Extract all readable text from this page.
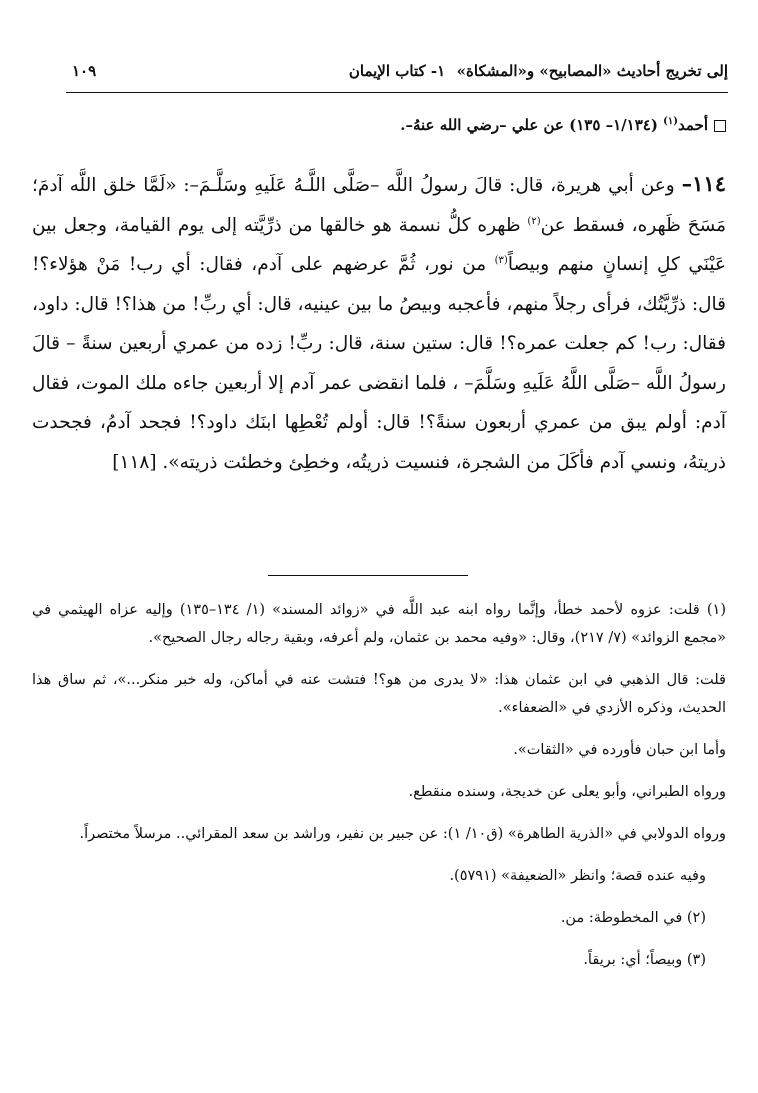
إلى تخريج أحاديث «المصابيح» و«المشكاة»
١- كتاب الإيمان
١٠٩
أحمد$^{(١)}$ (١/١٣٤– ١٣٥) عن علي –رضي الله عنهُ–.
١١٤– وعن أبي هريرة، قال: قالَ رسولُ اللَّه –صَلَّى اللَّـهُ عَلَيهِ وسَلَّـمَ–: «لَمَّا خلق اللَّه آدمَ؛ مَسَحَ ظَهره، فسقط عن$^{(٢)}$ ظهره كلُّ نسمة هو خالقها من ذرِّيَّته إلى يوم القيامة، وجعل بين عَيْنَي كلِ إنسانٍ منهم وبيصاً$^{(٣)}$ من نور، ثُمَّ عرضهم على آدم، فقال: أي رب! مَنْ هؤلاء؟! قال: ذرِّيَّتُك، فرأى رجلاً منهم، فأعجبه وبيصُ ما بين عينيه، قال: أي ربِّ! من هذا؟! قال: داود، فقال: رب! كم جعلت عمره؟! قال: ستين سنة، قال: ربِّ! زده من عمري أربعين سنةً – قالَ رسولُ اللَّه –صَلَّى اللَّهُ عَلَيهِ وسَلَّمَ– ، فلما انقضى عمر آدم إلا أربعين جاءه ملك الموت، فقال آدم: أولم يبق من عمري أربعون سنةً؟! قال: أولم تُعْطِها ابنَك داود؟! فجحد آدمُ، فجحدت ذريتهُ، ونسي آدم فأكَلَ من الشجرة، فنسيت ذريتُه، وخطِئ وخطئت ذريته». [١١٨]

(١) قلت: عزوه لأحمد خطأ، وإنَّما رواه ابنه عبد اللَّه في «زوائد المسند» (١/ ١٣٤–١٣٥) وإليه عزاه الهيثمي في «مجمع الزوائد» (٧/ ٢١٧)، وقال: «وفيه محمد بن عثمان، ولم أعرفه، وبقية رجاله رجال الصحيح».

قلت: قال الذهبي في ابن عثمان هذا: «لا يدرى من هو؟! فتشت عنه في أماكن، وله خبر منكر...»، ثم ساق هذا الحديث، وذكره الأزدي في «الضعفاء».

وأما ابن حبان فأورده في «الثقات».

ورواه الطبراني، وأبو يعلى عن خديجة، وسنده منقطع.

ورواه الدولابي في «الذرية الطاهرة» (ق١٠/ ١): عن جبير بن نفير، وراشد بن سعد المقرائي.. مرسلاً مختصراً.

وفيه عنده قصة؛ وانظر «الضعيفة» (٥٧٩١).

(٢) في المخطوطة: من.

(٣) وبيصاً؛ أي: بريقاً.
